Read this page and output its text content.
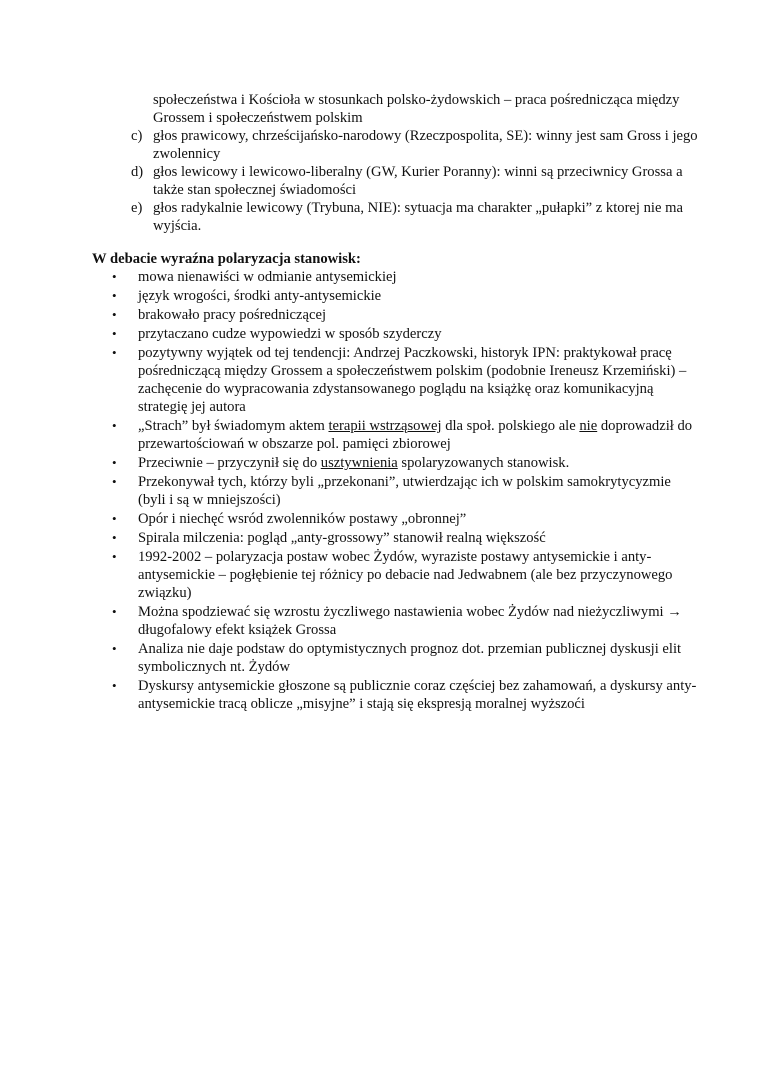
społeczeństwa i Kościoła w stosunkach polsko-żydowskich – praca pośrednicząca między Grossem i społeczeństwem polskim

c) głos prawicowy, chrześcijańsko-narodowy (Rzeczpospolita, SE): winny jest sam Gross i jego zwolennicy
d) głos lewicowy i lewicowo-liberalny (GW, Kurier Poranny): winni są przeciwnicy Grossa a także stan społecznej świadomości
e) głos radykalnie lewicowy (Trybuna, NIE): sytuacja ma charakter „pułapki” z ktorej nie ma wyjścia.

W debacie wyraźna polaryzacja stanowisk:

• mowa nienawiści w odmianie antysemickiej
• język wrogości, środki anty-antysemickie
• brakowało pracy pośredniczącej
• przytaczano cudze wypowiedzi w sposób szyderczy
• pozytywny wyjątek od tej tendencji: Andrzej Paczkowski, historyk IPN: praktykował pracę pośredniczącą między Grossem a społeczeństwem polskim (podobnie Ireneusz Krzemiński) – zachęcenie do wypracowania zdystansowanego poglądu na książkę oraz komunikacyjną strategię jej autora
• „Strach” był świadomym aktem terapii wstrząsowej dla społ. polskiego ale nie doprowadził do przewartościowań w obszarze pol. pamięci zbiorowej
• Przeciwnie – przyczynił się do usztywnienia spolaryzowanych stanowisk.
• Przekonywał tych, którzy byli „przekonani”, utwierdzając ich w polskim samokrytycyzmie (byli i są w mniejszości)
• Opór i niechęć wsród zwolenników postawy „obronnej”
• Spirala milczenia: pogląd „anty-grossowy” stanowił realną większość
• 1992-2002 – polaryzacja postaw wobec Żydów, wyraziste postawy antysemickie i anty-antysemickie – pogłębienie tej różnicy po debacie nad Jedwabnem (ale bez przyczynowego związku)
• Można spodziewać się wzrostu życzliwego nastawienia wobec Żydów nad nieżyczliwymi → długofalowy efekt książek Grossa
• Analiza nie daje podstaw do optymistycznych prognoz dot. przemian publicznej dyskusji elit symbolicznych nt. Żydów
• Dyskursy antysemickie głoszone są publicznie coraz częściej bez zahamowań, a dyskursy anty-antysemickie tracą oblicze „misyjne” i stają się ekspresją moralnej wyższoći
